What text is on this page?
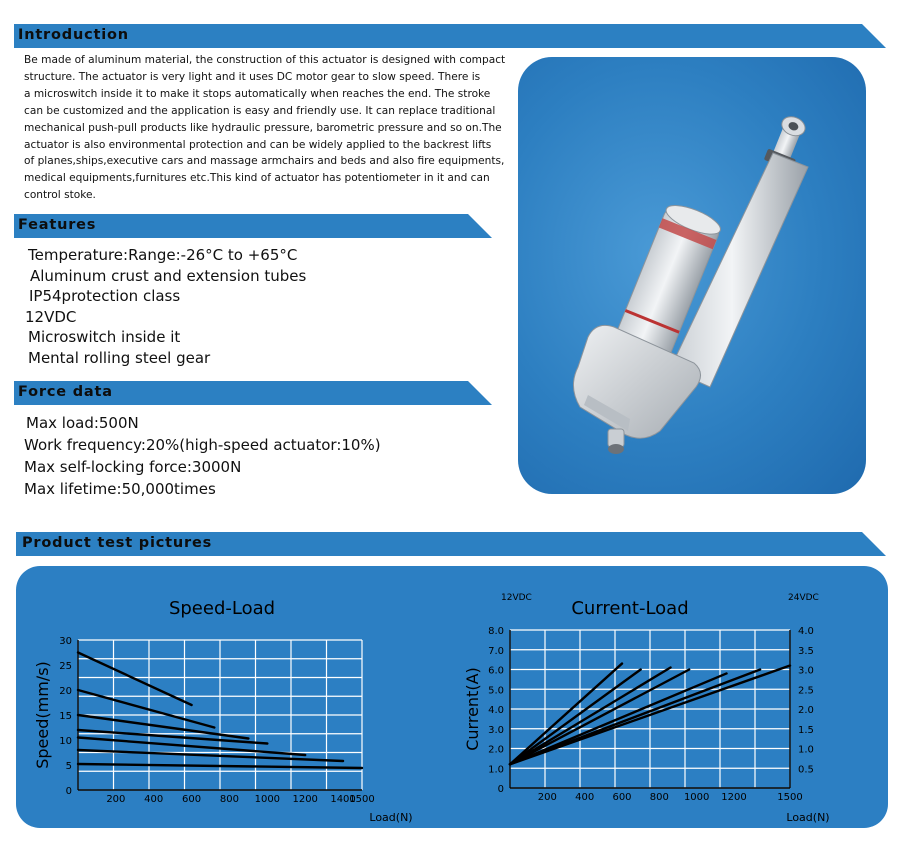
Introduction
Features
Force data
Product test pictures
Be made of aluminum material, the construction of this actuator is designed with compact
structure. The actuator is very light and it uses DC motor gear to slow speed. There is
a microswitch inside it to make it stops automatically when reaches the end. The stroke
can be customized and the application is easy and friendly use. It can replace traditional
mechanical push-pull products like hydraulic pressure, barometric pressure and so on.The
actuator is also environmental protection and can be widely applied to the backrest lifts
of planes,ships,executive cars and massage armchairs and beds and also fire equipments,
medical equipments,furnitures etc.This kind of actuator has potentiometer in it and can
control stoke.
Temperature:Range:-26°C to +65°C
Aluminum crust and extension tubes
IP54protection class
12VDC
Microswitch inside it
Mental rolling steel gear
Max load:500N
Work frequency:20%(high-speed actuator:10%)
Max self-locking force:3000N
Max lifetime:50,000times
200 400 600 800 1000 1200 1400
1500
0
5
10
15
20
25
30
Speed-Load
Speed(mm/s)
Load(N)
200 400 600 800 1000 1200	1500
1.0
2.0
3.0
4.0
5.0
6.0
7.0
8.0
0
0.5
1.0
1.5
2.0
2.5
3.0
3.5
4.0
Current-Load
12VDC	24VDC
Current(A)
Load(N)
